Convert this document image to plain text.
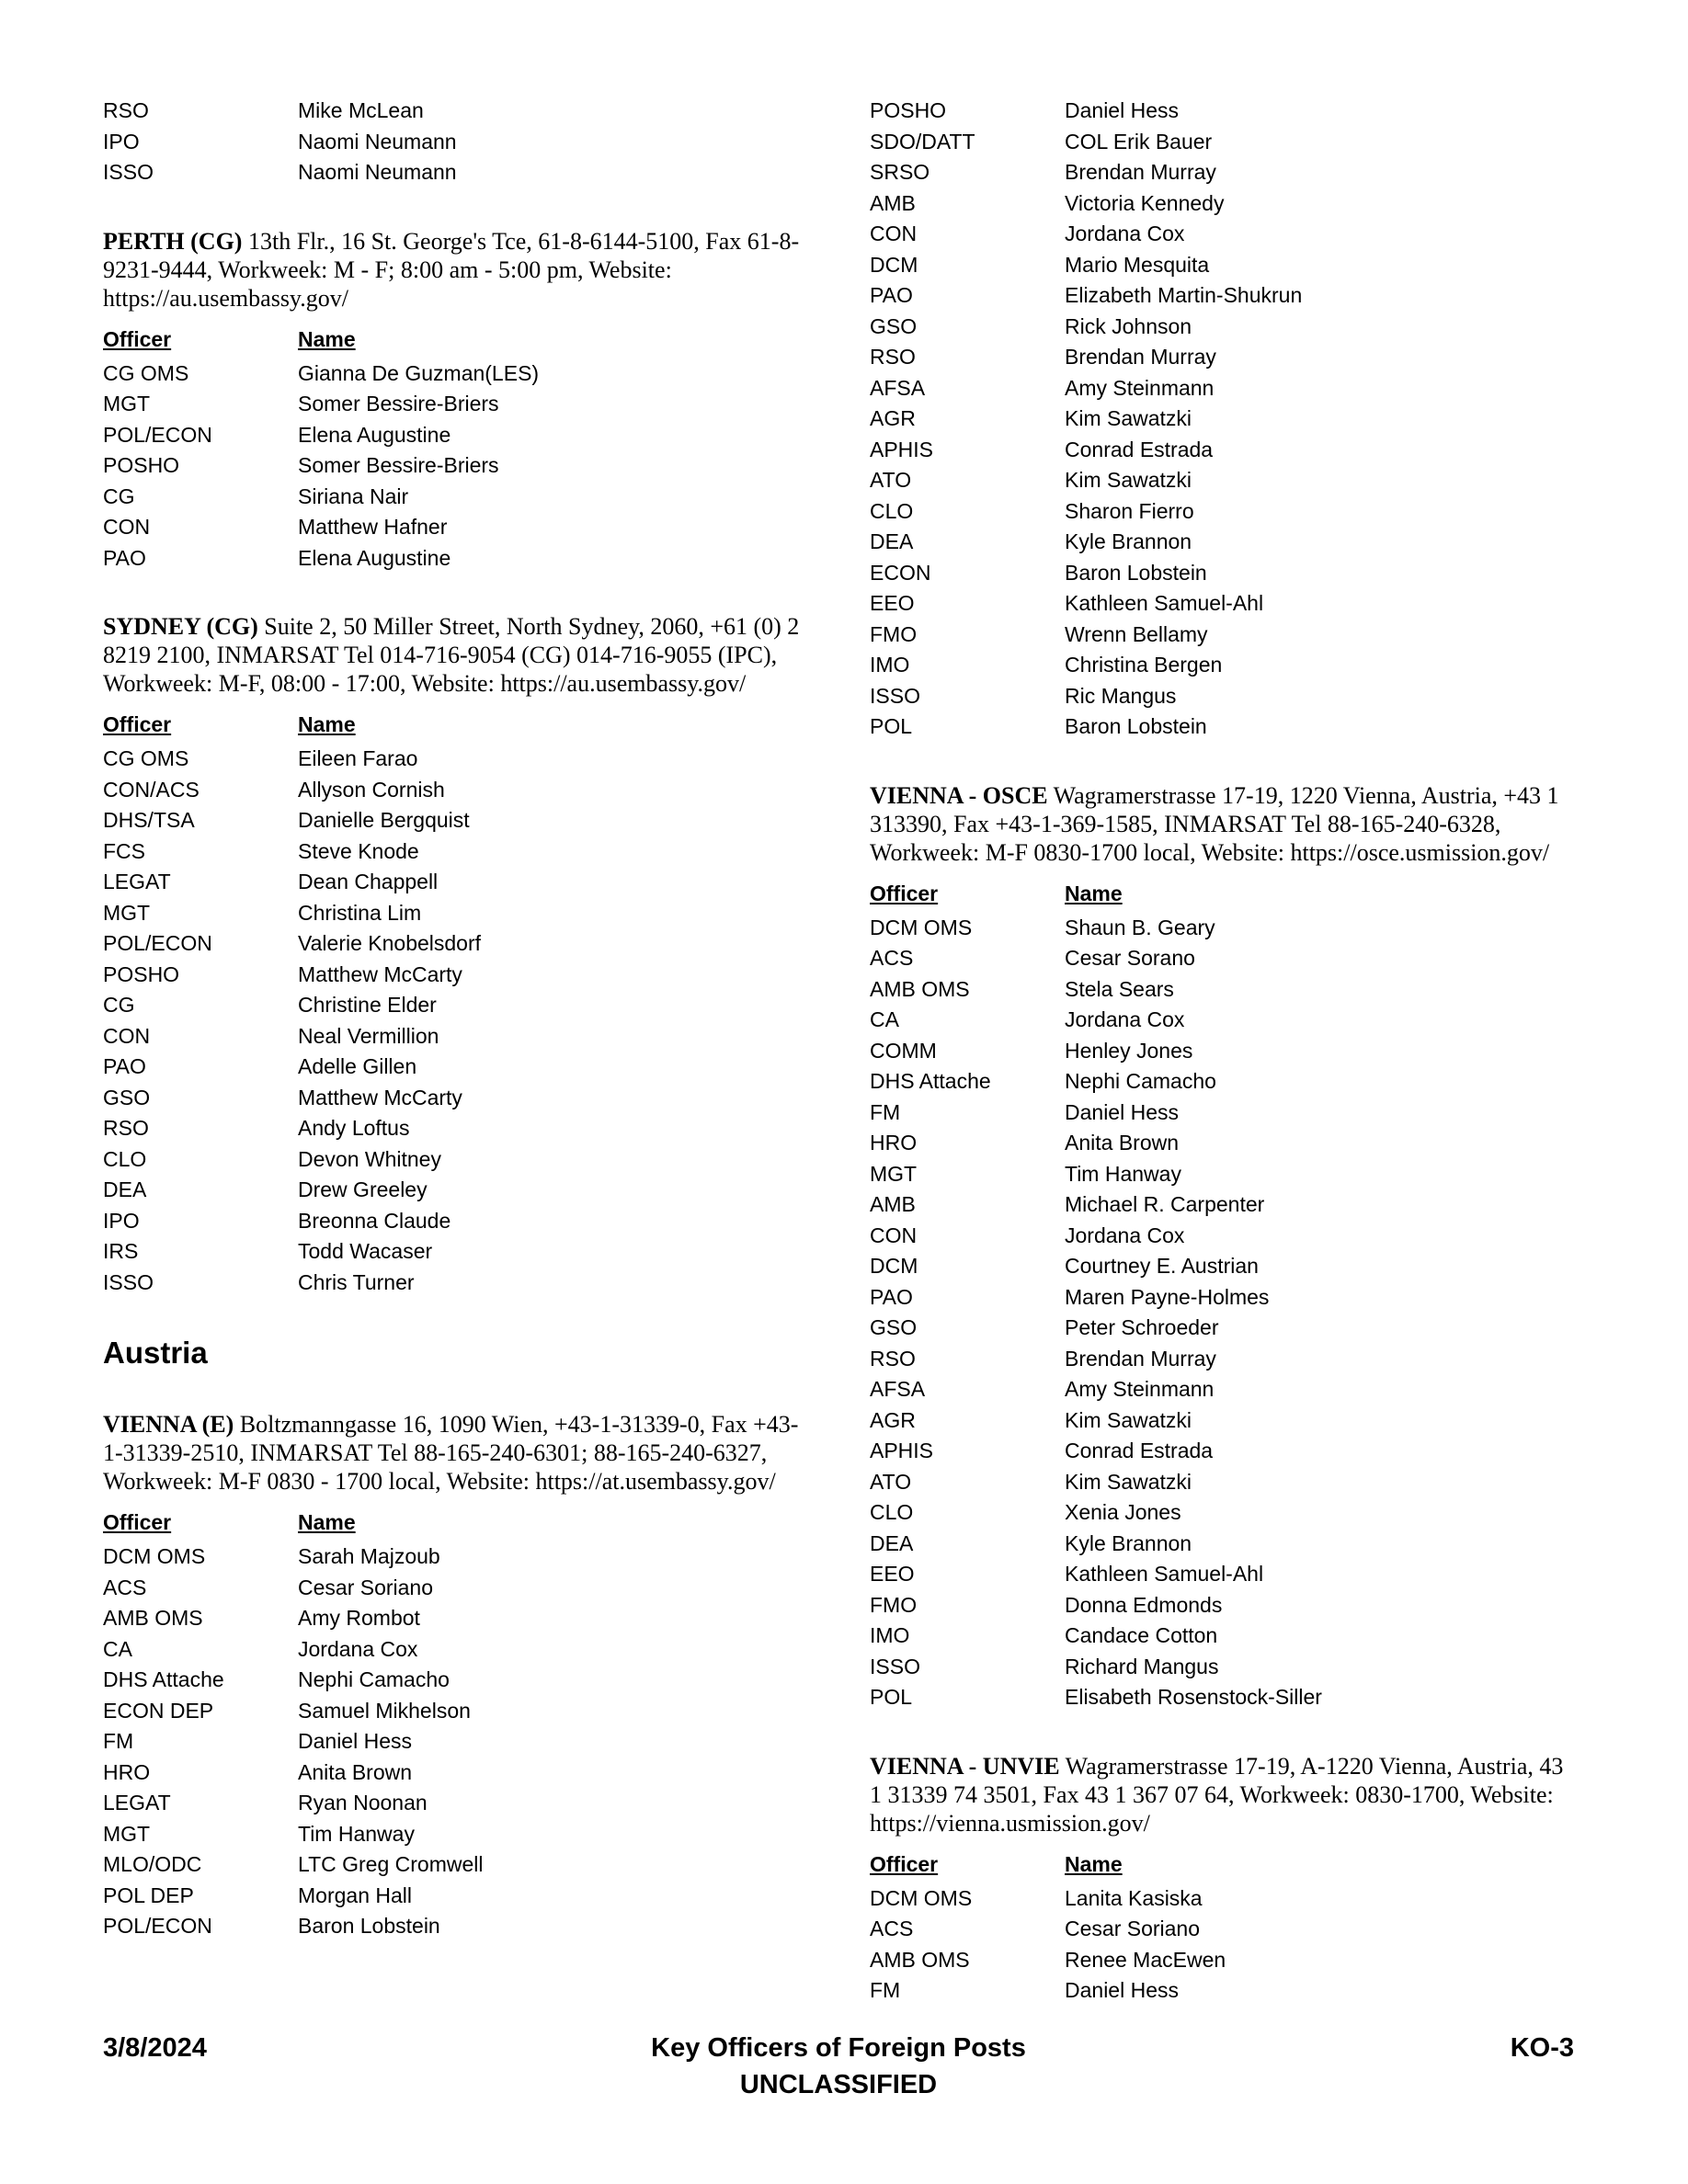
RSO	Mike McLean
IPO	Naomi Neumann
ISSO	Naomi Neumann
PERTH (CG) 13th Flr., 16 St. George's Tce, 61-8-6144-5100, Fax 61-8-9231-9444, Workweek: M - F; 8:00 am - 5:00 pm, Website: https://au.usembassy.gov/
Officer	Name
CG OMS	Gianna De Guzman(LES)
MGT	Somer Bessire-Briers
POL/ECON	Elena Augustine
POSHO	Somer Bessire-Briers
CG	Siriana Nair
CON	Matthew Hafner
PAO	Elena Augustine
SYDNEY (CG) Suite 2, 50 Miller Street, North Sydney, 2060, +61 (0) 2 8219 2100, INMARSAT Tel 014-716-9054 (CG) 014-716-9055 (IPC), Workweek: M-F, 08:00 - 17:00, Website: https://au.usembassy.gov/
Officer	Name
CG OMS	Eileen Farao
CON/ACS	Allyson Cornish
DHS/TSA	Danielle Bergquist
FCS	Steve Knode
LEGAT	Dean Chappell
MGT	Christina Lim
POL/ECON	Valerie Knobelsdorf
POSHO	Matthew McCarty
CG	Christine Elder
CON	Neal Vermillion
PAO	Adelle Gillen
GSO	Matthew McCarty
RSO	Andy Loftus
CLO	Devon Whitney
DEA	Drew Greeley
IPO	Breonna Claude
IRS	Todd Wacaser
ISSO	Chris Turner
Austria
VIENNA (E) Boltzmanngasse 16, 1090 Wien, +43-1-31339-0, Fax +43-1-31339-2510, INMARSAT Tel 88-165-240-6301; 88-165-240-6327, Workweek: M-F 0830 - 1700 local, Website: https://at.usembassy.gov/
Officer	Name
DCM OMS	Sarah Majzoub
ACS	Cesar Soriano
AMB OMS	Amy Rombot
CA	Jordana Cox
DHS Attache	Nephi Camacho
ECON DEP	Samuel Mikhelson
FM	Daniel Hess
HRO	Anita Brown
LEGAT	Ryan Noonan
MGT	Tim Hanway
MLO/ODC	LTC Greg Cromwell
POL DEP	Morgan Hall
POL/ECON	Baron Lobstein
POSHO	Daniel Hess
SDO/DATT	COL Erik Bauer
SRSO	Brendan Murray
AMB	Victoria Kennedy
CON	Jordana Cox
DCM	Mario Mesquita
PAO	Elizabeth Martin-Shukrun
GSO	Rick Johnson
RSO	Brendan Murray
AFSA	Amy Steinmann
AGR	Kim Sawatzki
APHIS	Conrad Estrada
ATO	Kim Sawatzki
CLO	Sharon Fierro
DEA	Kyle Brannon
ECON	Baron Lobstein
EEO	Kathleen Samuel-Ahl
FMO	Wrenn Bellamy
IMO	Christina Bergen
ISSO	Ric Mangus
POL	Baron Lobstein
VIENNA - OSCE Wagramerstrasse 17-19, 1220 Vienna, Austria, +43 1 313390, Fax +43-1-369-1585, INMARSAT Tel 88-165-240-6328, Workweek: M-F 0830-1700 local, Website: https://osce.usmission.gov/
Officer	Name
DCM OMS	Shaun B. Geary
ACS	Cesar Sorano
AMB OMS	Stela Sears
CA	Jordana Cox
COMM	Henley Jones
DHS Attache	Nephi Camacho
FM	Daniel Hess
HRO	Anita Brown
MGT	Tim Hanway
AMB	Michael R. Carpenter
CON	Jordana Cox
DCM	Courtney E. Austrian
PAO	Maren Payne-Holmes
GSO	Peter Schroeder
RSO	Brendan Murray
AFSA	Amy Steinmann
AGR	Kim Sawatzki
APHIS	Conrad Estrada
ATO	Kim Sawatzki
CLO	Xenia Jones
DEA	Kyle Brannon
EEO	Kathleen Samuel-Ahl
FMO	Donna Edmonds
IMO	Candace Cotton
ISSO	Richard Mangus
POL	Elisabeth Rosenstock-Siller
VIENNA - UNVIE Wagramerstrasse 17-19, A-1220 Vienna, Austria, 43 1 31339 74 3501, Fax 43 1 367 07 64, Workweek: 0830-1700, Website: https://vienna.usmission.gov/
Officer	Name
DCM OMS	Lanita Kasiska
ACS	Cesar Soriano
AMB OMS	Renee MacEwen
FM	Daniel Hess
3/8/2024	Key Officers of Foreign Posts
UNCLASSIFIED
KO-3
